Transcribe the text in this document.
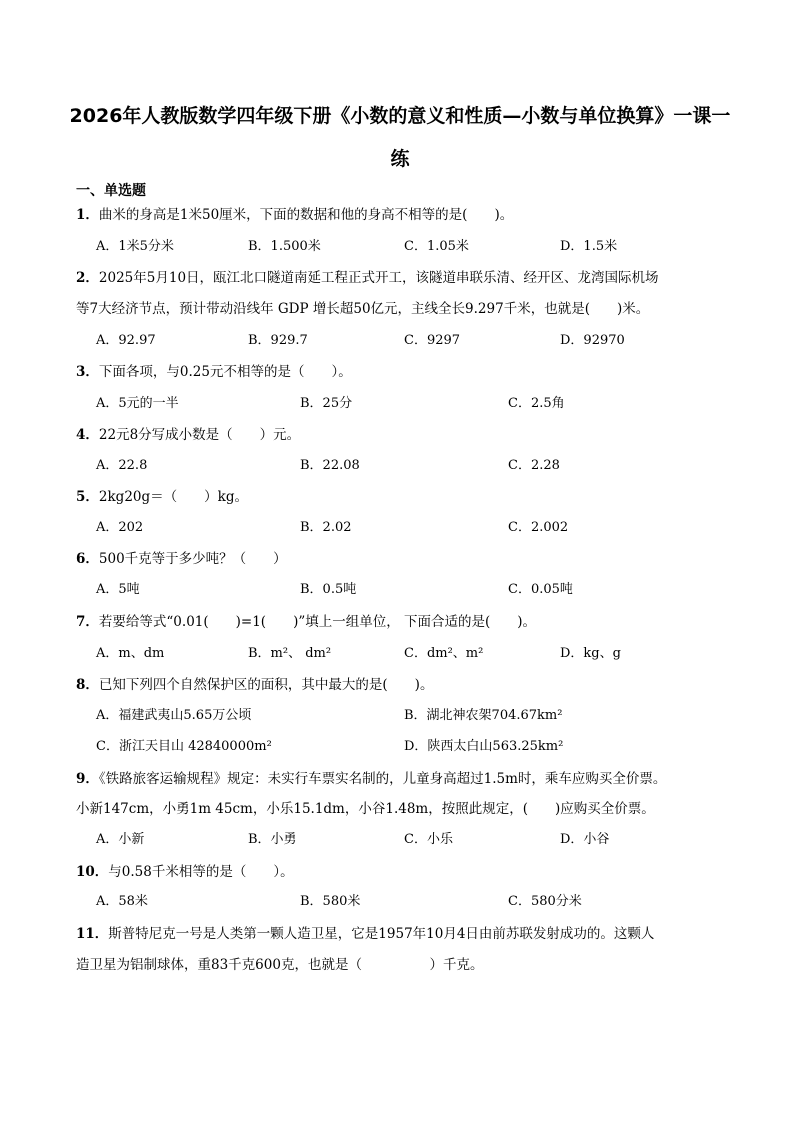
2026年人教版数学四年级下册《小数的意义和性质—小数与单位换算》一课一
练
一、单选题
1．曲米的身高是1米50厘米，下面的数据和他的身高不相等的是(　　)。
A．1米5分米	B．1.500米	C．1.05米	D．1.5米
2．2025年5月10日，瓯江北口隧道南延工程正式开工，该隧道串联乐清、经开区、龙湾国际机场
等7大经济节点，预计带动沿线年 GDP 增长超50亿元，主线全长9.297千米，也就是(　　)米。
A．92.97	B．929.7	C．9297	D．92970
3．下面各项，与0.25元不相等的是（　　）。
A．5元的一半	B．25分	C．2.5角
4．22元8分写成小数是（　　）元。
A．22.8	B．22.08	C．2.28
5．2kg20g＝（　　）kg。
A．202	B．2.02	C．2.002
6．500千克等于多少吨？（　　）
A．5吨	B．0.5吨	C．0.05吨
7．若要给等式“0.01(　　)=1(　　)”填上一组单位， 下面合适的是(　　)。
A．m、dm	B．m²、 dm²	C．dm²、m²	D．kg、g
8．已知下列四个自然保护区的面积，其中最大的是(　　)。
A．福建武夷山5.65万公顷	B．湖北神农架704.67km²
C．浙江天目山 42840000m²	D．陕西太白山563.25km²
9．《铁路旅客运输规程》规定：未实行车票实名制的，儿童身高超过1.5m时，乘车应购买全价票。
小新147cm，小勇1m 45cm，小乐15.1dm，小谷1.48m，按照此规定，(　　)应购买全价票。
A．小新	B．小勇	C．小乐	D．小谷
10．与0.58千米相等的是（　　）。
A．58米	B．580米	C．580分米
11．斯普特尼克一号是人类第一颗人造卫星，它是1957年10月4日由前苏联发射成功的。这颗人
造卫星为铝制球体，重83千克600克，也就是（　　　　　）千克。
